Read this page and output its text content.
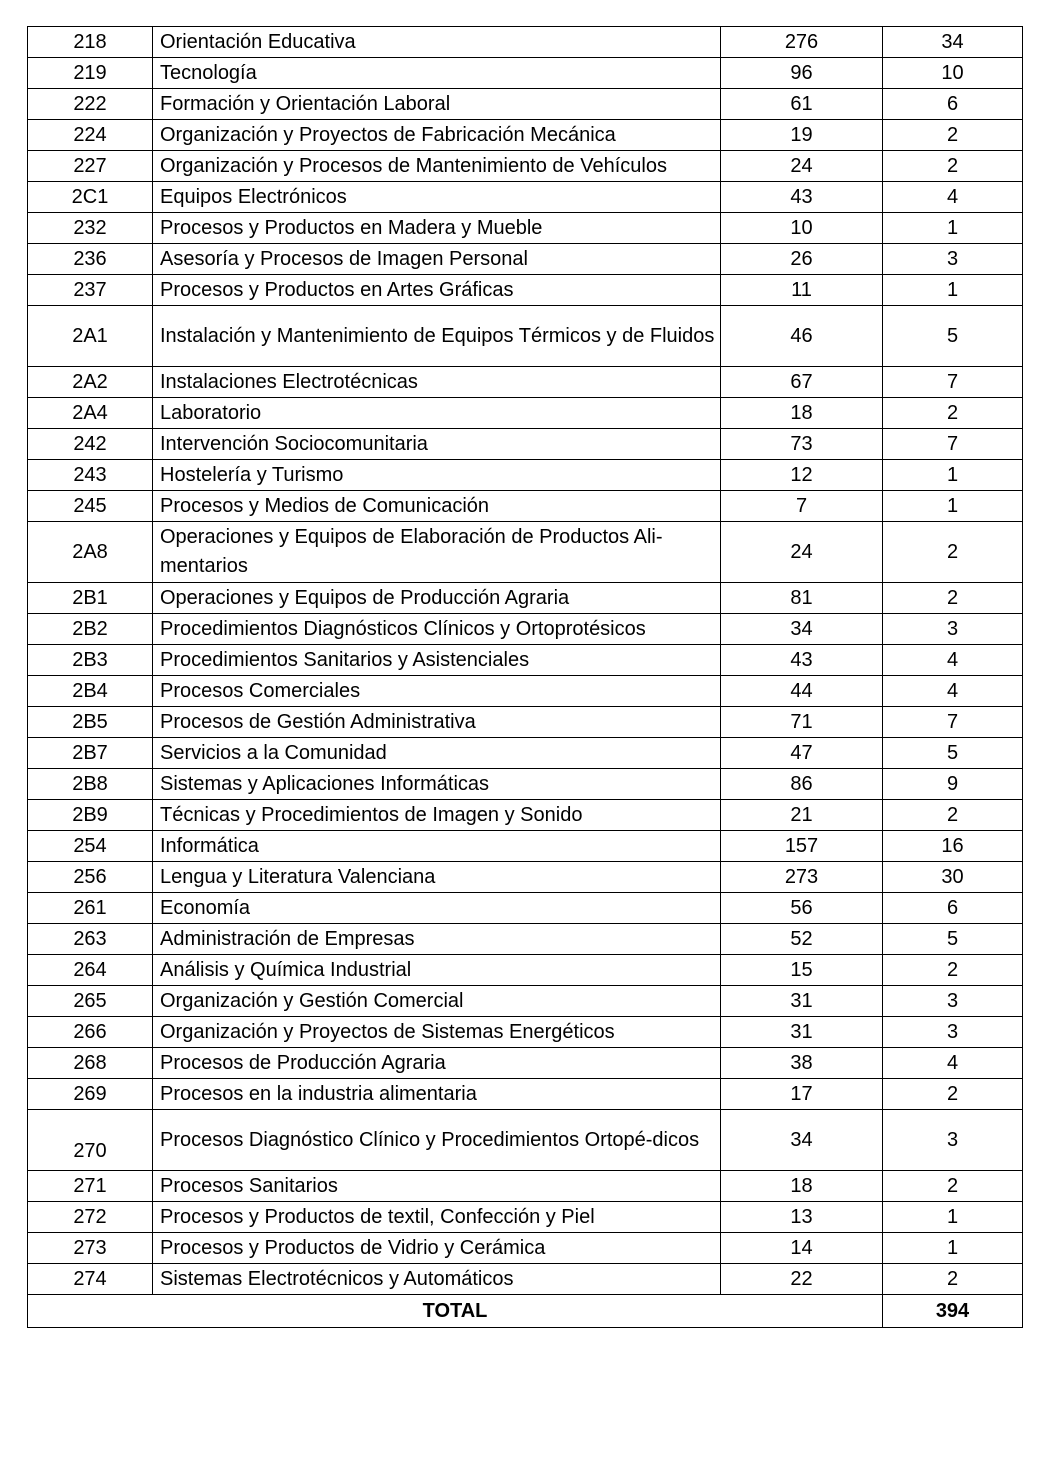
218	Orientación Educativa	276	34
219	Tecnología	96	10
222	Formación y Orientación Laboral	61	6
224	Organización y Proyectos de Fabricación Mecánica	19	2
227	Organización y Procesos de Mantenimiento de Vehículos	24	2
2C1	Equipos Electrónicos	43	4
232	Procesos y Productos en Madera y Mueble	10	1
236	Asesoría y Procesos de Imagen Personal	26	3
237	Procesos y Productos en Artes Gráficas	11	1
2A1	Instalación y Mantenimiento de Equipos Térmicos y de Fluidos	46	5
2A2	Instalaciones Electrotécnicas	67	7
2A4	Laboratorio	18	2
242	Intervención Sociocomunitaria	73	7
243	Hostelería y Turismo	12	1
245	Procesos y Medios de Comunicación	7	1
2A8	Operaciones y Equipos de Elaboración de Productos Ali-mentarios	24	2
2B1	Operaciones y Equipos de Producción Agraria	81	2
2B2	Procedimientos Diagnósticos Clínicos y Ortoprotésicos	34	3
2B3	Procedimientos Sanitarios y Asistenciales	43	4
2B4	Procesos Comerciales	44	4
2B5	Procesos de Gestión Administrativa	71	7
2B7	Servicios a la Comunidad	47	5
2B8	Sistemas y Aplicaciones Informáticas	86	9
2B9	Técnicas y Procedimientos de Imagen y Sonido	21	2
254	Informática	157	16
256	Lengua y Literatura Valenciana	273	30
261	Economía	56	6
263	Administración de Empresas	52	5
264	Análisis y Química Industrial	15	2
265	Organización y Gestión Comercial	31	3
266	Organización y Proyectos de Sistemas Energéticos	31	3
268	Procesos de Producción Agraria	38	4
269	Procesos en la industria alimentaria	17	2
270	Procesos Diagnóstico Clínico y Procedimientos Ortopé-dicos	34	3
271	Procesos Sanitarios	18	2
272	Procesos y Productos de textil, Confección y Piel	13	1
273	Procesos y Productos de Vidrio y Cerámica	14	1
274	Sistemas Electrotécnicos y Automáticos	22	2
TOTAL			394
